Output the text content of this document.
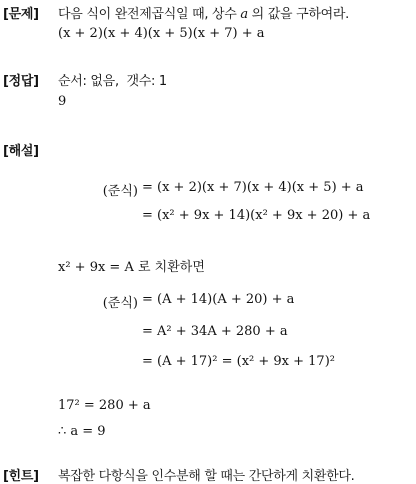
[문제] 다음 식이 완전제곱식일 때, 상수 a 의 값을 구하여라.
(x + 2)(x + 4)(x + 5)(x + 7) + a
[정답] 순서: 없음,  갯수: 1
9
[해설]
(준식) = (x + 2)(x + 7)(x + 4)(x + 5) + a
= (x² + 9x + 14)(x² + 9x + 20) + a
x² + 9x = A 로 치환하면
(준식) = (A + 14)(A + 20) + a
= A² + 34A + 280 + a
= (A + 17)² = (x² + 9x + 17)²
17² = 280 + a
∴ a = 9
[힌트] 복잡한 다항식을 인수분해 할 때는 간단하게 치환한다.
